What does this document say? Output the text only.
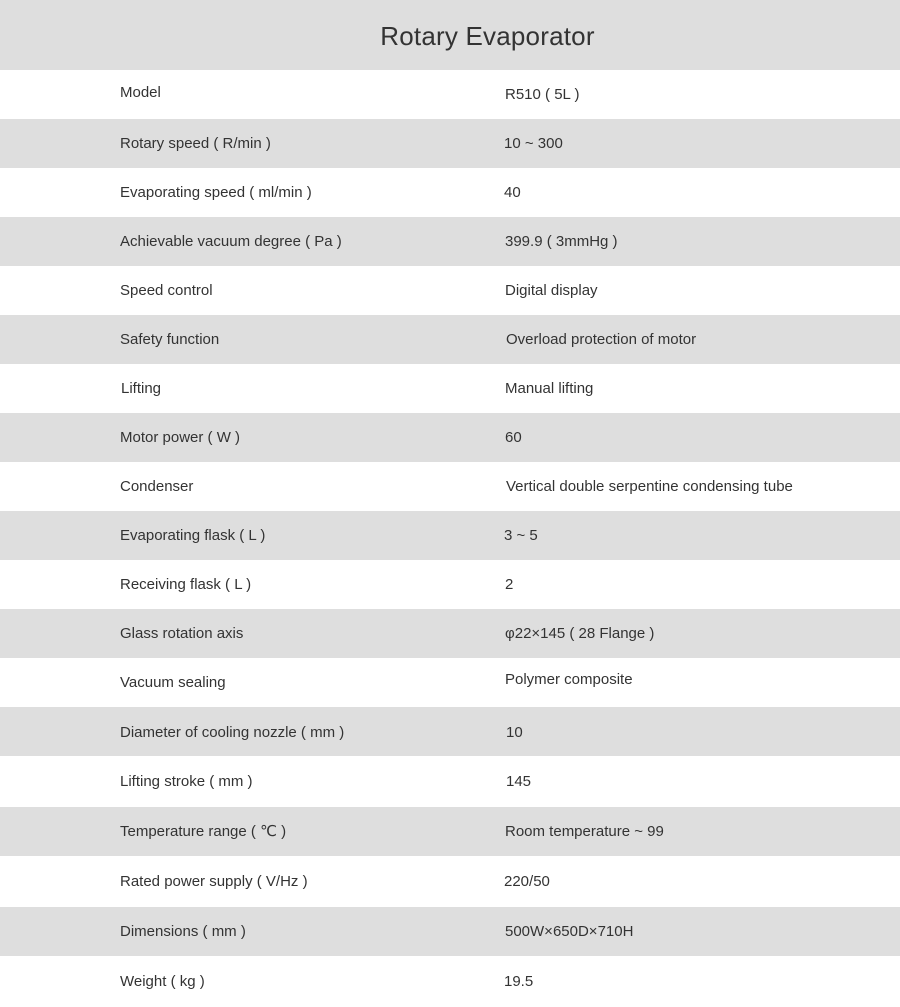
Rotary Evaporator
Model	R510 ( 5L )
Rotary speed ( R/min )	10 ~ 300
Evaporating speed ( ml/min )	40
Achievable vacuum degree ( Pa )	399.9 ( 3mmHg )
Speed control	Digital display
Safety function	Overload protection of motor
Lifting	Manual lifting
Motor power ( W )	60
Condenser	Vertical double serpentine condensing tube
Evaporating flask ( L )	3 ~ 5
Receiving flask ( L )	2
Glass rotation axis	φ22×145 ( 28 Flange )
Vacuum sealing	Polymer composite
Diameter of cooling nozzle ( mm )	10
Lifting stroke ( mm )	145
Temperature range ( ℃ )	Room temperature ~ 99
Rated power supply ( V/Hz )	220/50
Dimensions ( mm )	500W×650D×710H
Weight ( kg )	19.5
